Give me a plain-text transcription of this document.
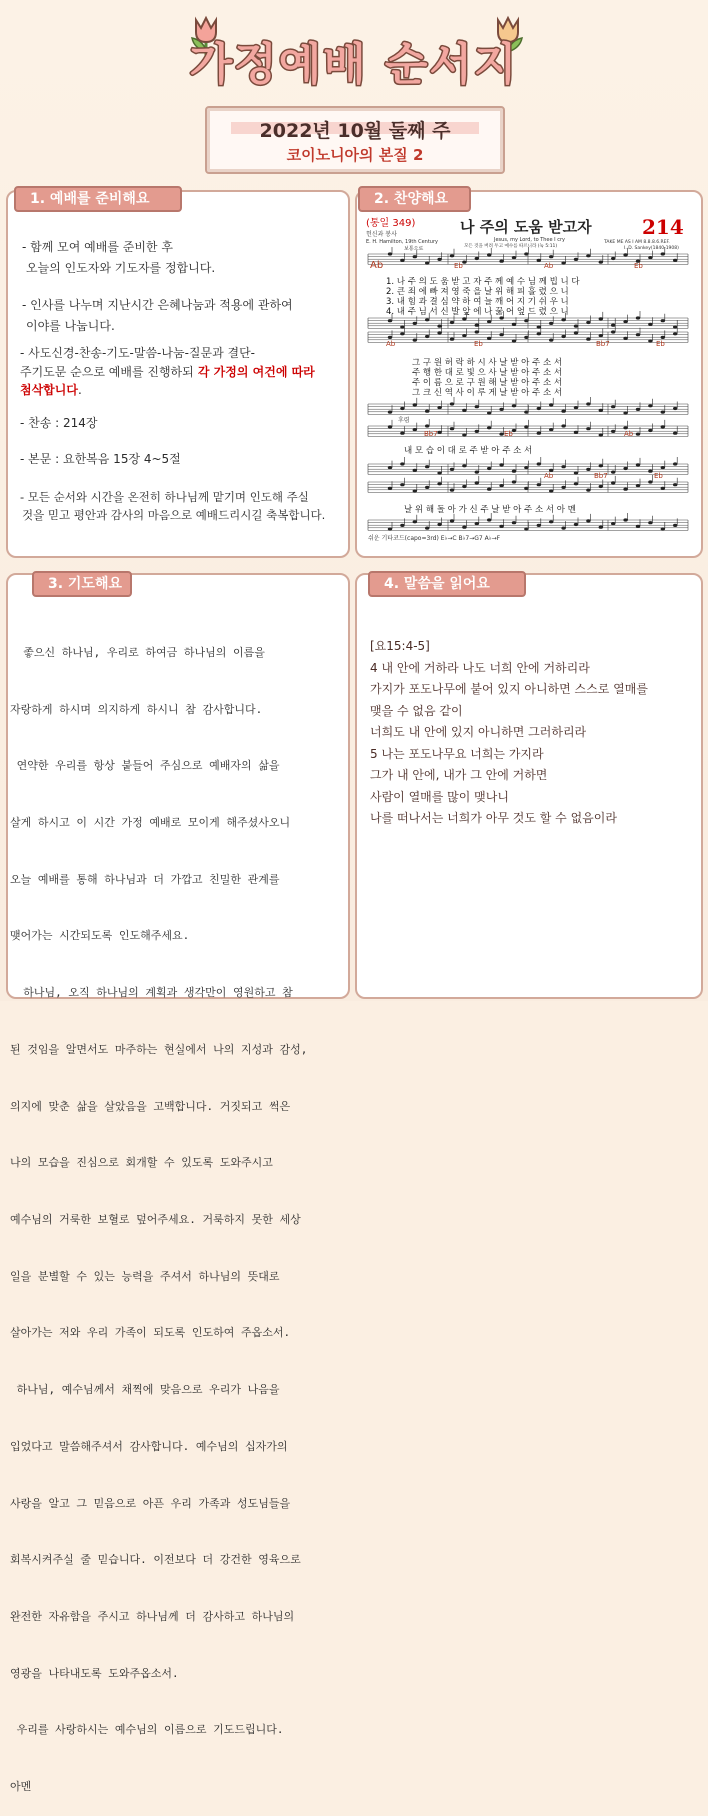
가정예배 순서지
2022년 10월 둘째 주
코이노니아의 본질 2
1. 예배를 준비해요	2. 찬양해요
3. 기도해요	4. 말씀을 읽어요
- 함께 모여 예배를 준비한 후
오늘의 인도자와 기도자를 정합니다.
- 인사를 나누며 지난시간 은혜나눔과 적용에 관하여
이야를 나눕니다.
- 사도신경-찬송-기도-말씀-나눔-질문과 결단-
주기도문 순으로 예배를 진행하되 각 가정의 여건에 따라
첨삭합니다.
- 찬송 : 214장
- 본문 : 요한복음 15장 4~5절
- 모든 순서와 시간을 온전히 하나님께 맡기며 인도해 주실
것을 믿고 평안과 감사의 마음으로 예배드리시길 축복합니다.
(통일 349)
헌신과 봉사
E. H. Hamilton, 19th Century
보통으로
나 주의 도움 받고자	214
Jesus, my Lord, to Thee I cry
모든 것을 버려 두고 예수를 따르니라 (눅 5:11)
TAKE ME AS I AM 8.8.8.6.REF.
I. D. Sankey(1840-1908)
Ab	Eb	Ab	Eb
Ab	Eb	Bb7	Eb
Bb7	Eb	Ab
Ab	Bb7	Eb
1. 나 주 의 도 움 받 고 자 주 께 예 수 님 께 빕 니 다
2. 큰 죄 에 빠 져 영 죽 을 날 위 해 피 흘 렸 으 니
3. 내 힘 과 결 심 약 하 여 늘 깨 어 지 기 쉬 우 니
4. 내 주 님 서 신 발 앞 에 나 꿇 어 엎 드 렸 으 니
그 구 원 허 락 하 시 사 날 받 아 주 소 서
주 행 한 대 로 빛 으 사 날 받 아 주 소 서
주 이 름 으 로 구 원 해 날 받 아 주 소 서
그 크 신 역 사 이 루 게 날 받 아 주 소 서
후렴
내 모 습 이 대 로 주 받 아 주 소 서
날 위 해 돌 아 가 신 주 날 받 아 주 소 서 아 멘
쉬운 기타코드(capo=3rd) E♭→C B♭7→G7 A♭→F

좋으신 하나님, 우리로 하여금 하나님의 이름을

자랑하게 하시며 의지하게 하시니 참 감사합니다.

연약한 우리를 항상 붙들어 주심으로 예배자의 삶을

살게 하시고 이 시간 가정 예배로 모이게 해주셨사오니

오늘 예배를 통해 하나님과 더 가깝고 친밀한 관계를

맺어가는 시간되도록 인도해주세요.

하나님, 오직 하나님의 계획과 생각만이 영원하고 참

된 것임을 알면서도 마주하는 현실에서 나의 지성과 감성,

의지에 맞춘 삶을 살았음을 고백합니다. 거짓되고 썩은

나의 모습을 진심으로 회개할 수 있도록 도와주시고

예수님의 거룩한 보혈로 덮어주세요. 거룩하지 못한 세상

일을 분별할 수 있는 능력을 주셔서 하나님의 뜻대로

살아가는 저와 우리 가족이 되도록 인도하여 주옵소서.

하나님, 예수님께서 채찍에 맞음으로 우리가 나음을

입었다고 말씀해주셔서 감사합니다. 예수님의 십자가의

사랑을 알고 그 믿음으로 아픈 우리 가족과 성도님들을

회복시켜주실 줄 믿습니다. 이전보다 더 강건한 영육으로

완전한 자유함을 주시고 하나님께 더 감사하고 하나님의

영광을 나타내도록 도와주옵소서.

우리를 사랑하시는 예수님의 이름으로 기도드립니다.

아멘

[요15:4-5]
4 내 안에 거하라 나도 너희 안에 거하리라
가지가 포도나무에 붙어 있지 아니하면 스스로 열매를
맺을 수 없음 같이
너희도 내 안에 있지 아니하면 그러하리라
5 나는 포도나무요 너희는 가지라
그가 내 안에, 내가 그 안에 거하면
사람이 열매를 많이 맺나니
나를 떠나서는 너희가 아무 것도 할 수 없음이라
